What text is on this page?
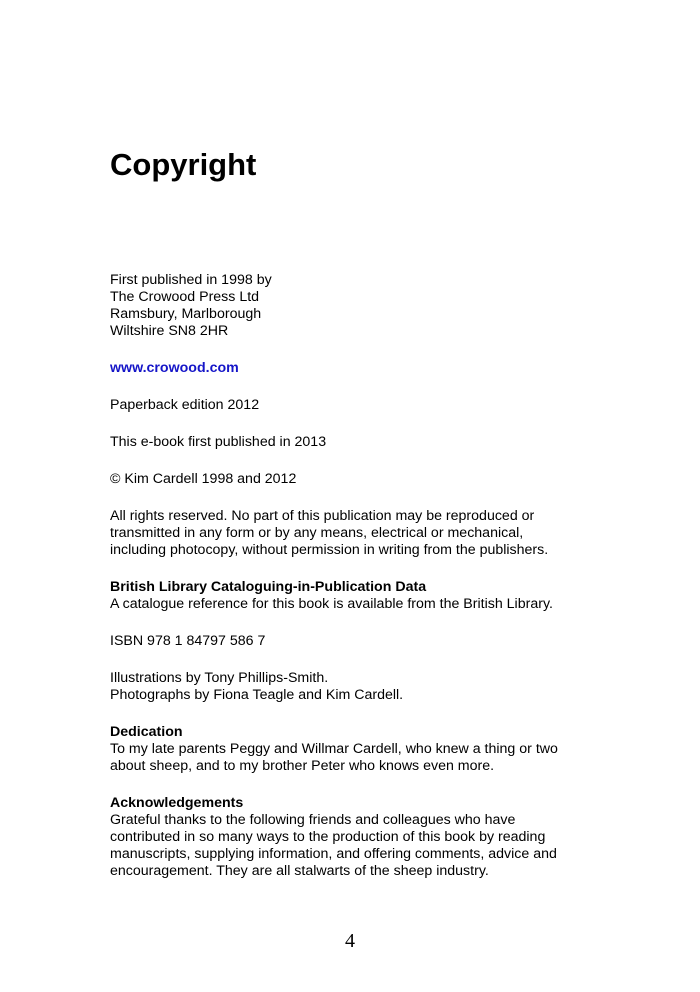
Copyright
First published in 1998 by
The Crowood Press Ltd
Ramsbury, Marlborough
Wiltshire SN8 2HR
www.crowood.com
Paperback edition 2012
This e-book first published in 2013
© Kim Cardell 1998 and 2012
All rights reserved. No part of this publication may be reproduced or
transmitted in any form or by any means, electrical or mechanical,
including photocopy, without permission in writing from the publishers.
British Library Cataloguing-in-Publication Data
A catalogue reference for this book is available from the British Library.
ISBN 978 1 84797 586 7
Illustrations by Tony Phillips-Smith.
Photographs by Fiona Teagle and Kim Cardell.
Dedication
To my late parents Peggy and Willmar Cardell, who knew a thing or two
about sheep, and to my brother Peter who knows even more.
Acknowledgements
Grateful thanks to the following friends and colleagues who have
contributed in so many ways to the production of this book by reading
manuscripts, supplying information, and offering comments, advice and
encouragement. They are all stalwarts of the sheep industry.
4
